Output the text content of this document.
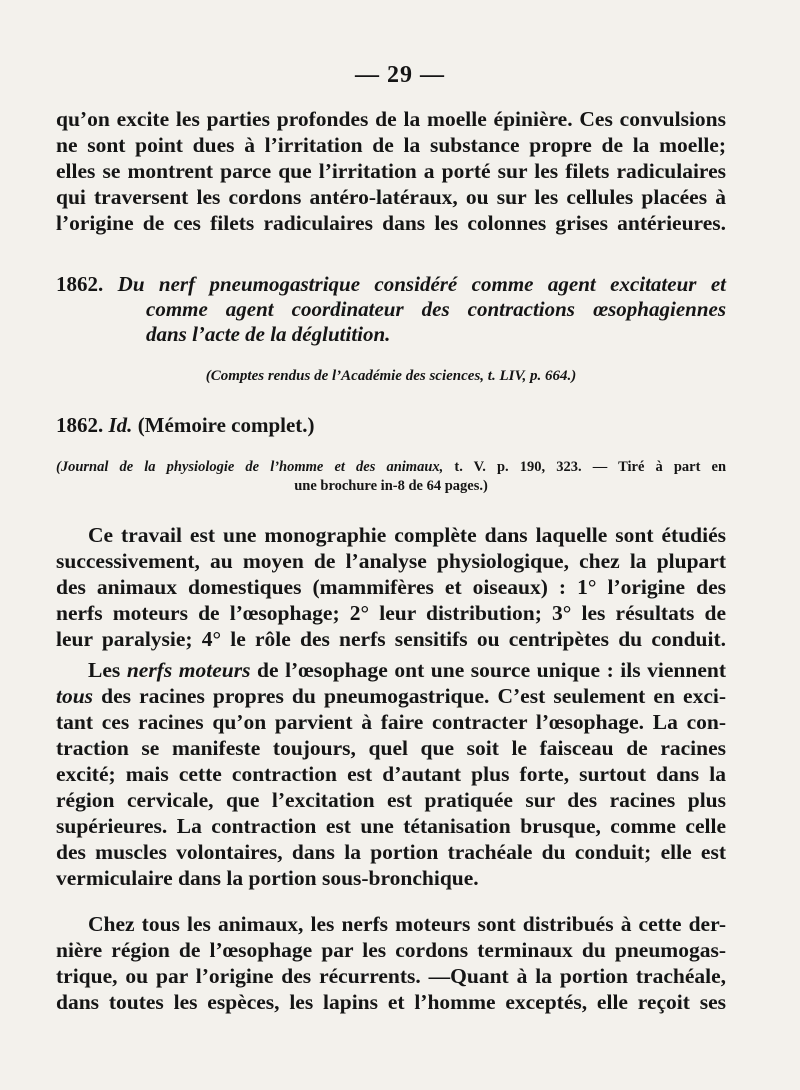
— 29 —
qu’on excite les parties profondes de la moelle épinière. Ces convulsions
ne sont point dues à l’irritation de la substance propre de la moelle;
elles se montrent parce que l’irritation a porté sur les filets radiculaires
qui traversent les cordons antéro-latéraux, ou sur les cellules placées à
l’origine de ces filets radiculaires dans les colonnes grises antérieures.
1862. Du nerf pneumogastrique considéré comme agent excitateur et
comme agent coordinateur des contractions œsophagiennes
dans l’acte de la déglutition.
(Comptes rendus de l’Académie des sciences, t. LIV, p. 664.)
1862. Id. (Mémoire complet.)
(Journal de la physiologie de l’homme et des animaux, t. V. p. 190, 323. — Tiré à part en
une brochure in-8 de 64 pages.)
Ce travail est une monographie complète dans laquelle sont étudiés
successivement, au moyen de l’analyse physiologique, chez la plupart
des animaux domestiques (mammifères et oiseaux) : 1° l’origine des
nerfs moteurs de l’œsophage; 2° leur distribution; 3° les résultats de
leur paralysie; 4° le rôle des nerfs sensitifs ou centripètes du conduit.
Les nerfs moteurs de l’œsophage ont une source unique : ils viennent
tous des racines propres du pneumogastrique. C’est seulement en exci-
tant ces racines qu’on parvient à faire contracter l’œsophage. La con-
traction se manifeste toujours, quel que soit le faisceau de racines
excité; mais cette contraction est d’autant plus forte, surtout dans la
région cervicale, que l’excitation est pratiquée sur des racines plus
supérieures. La contraction est une tétanisation brusque, comme celle
des muscles volontaires, dans la portion trachéale du conduit; elle est
vermiculaire dans la portion sous-bronchique.
Chez tous les animaux, les nerfs moteurs sont distribués à cette der-
nière région de l’œsophage par les cordons terminaux du pneumogas-
trique, ou par l’origine des récurrents. —Quant à la portion trachéale,
dans toutes les espèces, les lapins et l’homme exceptés, elle reçoit ses
